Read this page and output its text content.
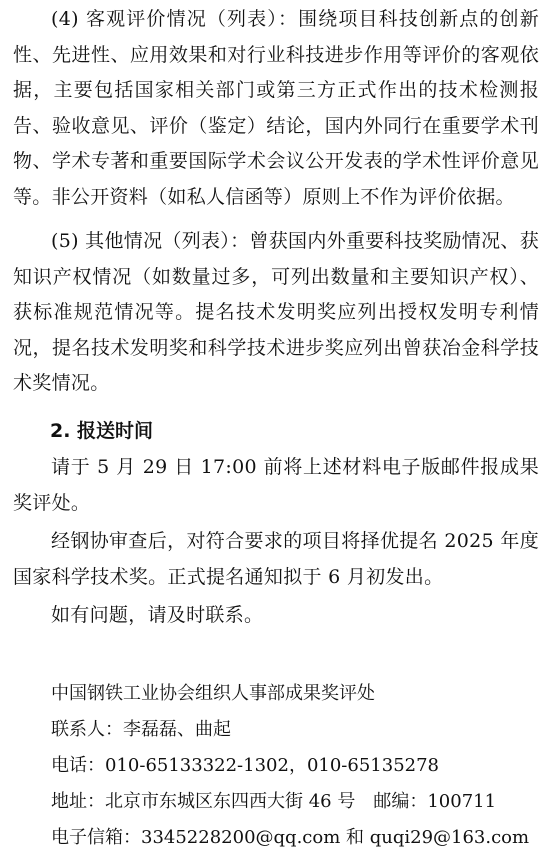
(4) 客观评价情况（列表）：围绕项目科技创新点的创新性、先进性、应用效果和对行业科技进步作用等评价的客观依据，主要包括国家相关部门或第三方正式作出的技术检测报告、验收意见、评价（鉴定）结论，国内外同行在重要学术刊物、学术专著和重要国际学术会议公开发表的学术性评价意见等。非公开资料（如私人信函等）原则上不作为评价依据。

(5) 其他情况（列表）：曾获国内外重要科技奖励情况、获知识产权情况（如数量过多，可列出数量和主要知识产权）、获标准规范情况等。提名技术发明奖应列出授权发明专利情况，提名技术发明奖和科学技术进步奖应列出曾获冶金科学技术奖情况。

2. 报送时间

请于 5 月 29 日 17:00 前将上述材料电子版邮件报成果奖评处。

经钢协审查后，对符合要求的项目将择优提名 2025 年度国家科学技术奖。正式提名通知拟于 6 月初发出。

如有问题，请及时联系。

中国钢铁工业协会组织人事部成果奖评处

联系人：李磊磊、曲起

电话：010-65133322-1302，010-65135278

地址：北京市东城区东四西大街 46 号　邮编：100711

电子信箱：3345228200@qq.com 和 quqi29@163.com
